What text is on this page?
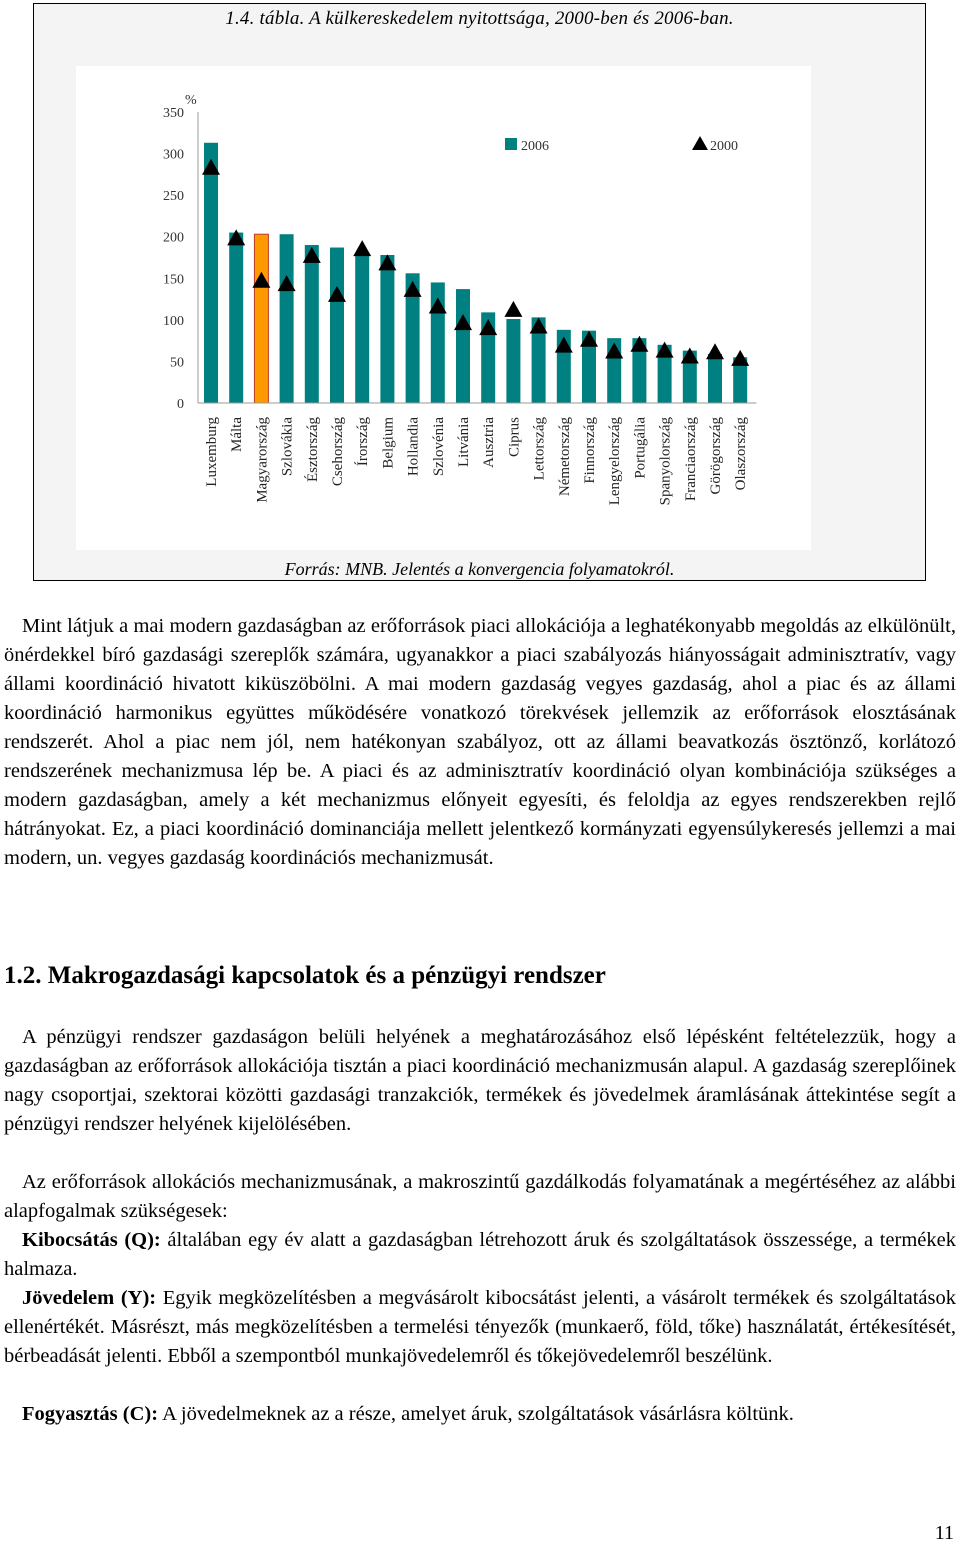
1.4. tábla. A külkereskedelem nyitottsága, 2000-ben és 2006-ban.
0
50
100
150
200
250
300
350
%
Luxemburg Málta Magyarország Szlovákia Észtország Csehország Írország Belgium Hollandia Szlovénia Litvánia Ausztria Ciprus Lettország Németország Finnország Lengyelország Portugália Spanyolország Franciaország Görögország Olaszország
2006	2000
Forrás: MNB. Jelentés a konvergencia folyamatokról.

Mint látjuk a mai modern gazdaságban az erőforrások piaci allokációja a leghatékonyabb megoldás az elkülönült, önérdekkel bíró gazdasági szereplők számára, ugyanakkor a piaci szabályozás hiányosságait adminisztratív, vagy állami koordináció hivatott kiküszöbölni. A mai modern gazdaság vegyes gazdaság, ahol a piac és az állami koordináció harmonikus együttes működésére vonatkozó törekvések jellemzik az erőforrások elosztásának rendszerét. Ahol a piac nem jól, nem hatékonyan szabályoz, ott az állami beavatkozás ösztönző, korlátozó rendszerének mechanizmusa lép be. A piaci és az adminisztratív koordináció olyan kombinációja szükséges a modern gazdaságban, amely a két mechanizmus előnyeit egyesíti, és feloldja az egyes rendszerekben rejlő hátrányokat. Ez, a piaci koordináció dominanciája mellett jelentkező kormányzati egyensúlykeresés jellemzi a mai modern, un. vegyes gazdaság koordinációs mechanizmusát.

1.2. Makrogazdasági kapcsolatok és a pénzügyi rendszer

A pénzügyi rendszer gazdaságon belüli helyének a meghatározásához első lépésként feltételezzük, hogy a gazdaságban az erőforrások allokációja tisztán a piaci koordináció mechanizmusán alapul. A gazdaság szereplőinek nagy csoportjai, szektorai közötti gazdasági tranzakciók, termékek és jövedelmek áramlásának áttekintése segít a pénzügyi rendszer helyének kijelölésében.

Az erőforrások allokációs mechanizmusának, a makroszintű gazdálkodás folyamatának a megértéséhez az alábbi alapfogalmak szükségesek:

Kibocsátás (Q): általában egy év alatt a gazdaságban létrehozott áruk és szolgáltatások összessége, a termékek halmaza.

Jövedelem (Y): Egyik megközelítésben a megvásárolt kibocsátást jelenti, a vásárolt termékek és szolgáltatások ellenértékét. Másrészt, más megközelítésben a termelési tényezők (munkaerő, föld, tőke) használatát, értékesítését, bérbeadását jelenti. Ebből a szempontból munkajövedelemről és tőkejövedelemről beszélünk.

Fogyasztás (C): A jövedelmeknek az a része, amelyet áruk, szolgáltatások vásárlásra költünk.

11
